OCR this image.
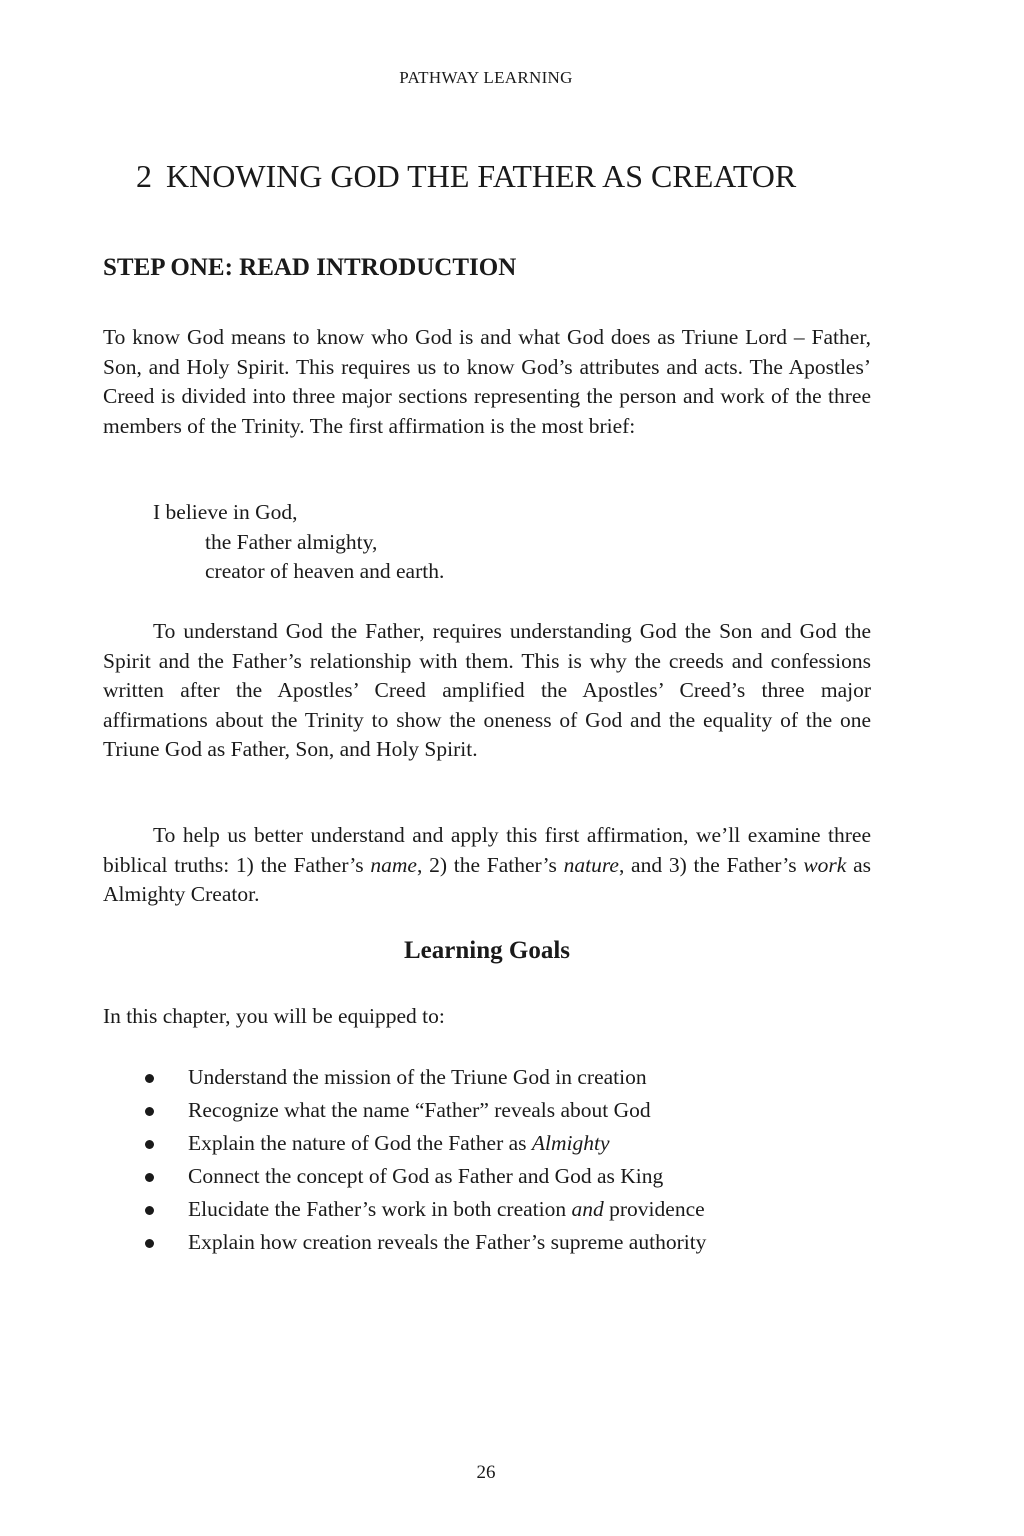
PATHWAY LEARNING
2 KNOWING GOD THE FATHER AS CREATOR
STEP ONE: READ INTRODUCTION

To know God means to know who God is and what God does as Triune Lord – Father, Son, and Holy Spirit. This requires us to know God’s attributes and acts. The Apostles’ Creed is divided into three major sections representing the person and work of the three members of the Trinity. The first affirmation is the most brief:

I believe in God,
the Father almighty,
creator of heaven and earth.

To understand God the Father, requires understanding God the Son and God the Spirit and the Father’s relationship with them. This is why the creeds and confessions written after the Apostles’ Creed amplified the Apostles’ Creed’s three major affirmations about the Trinity to show the oneness of God and the equality of the one Triune God as Father, Son, and Holy Spirit.

To help us better understand and apply this first affirmation, we’ll examine three biblical truths: 1) the Father’s name, 2) the Father’s nature, and 3) the Father’s work as Almighty Creator.

Learning Goals

In this chapter, you will be equipped to:

Understand the mission of the Triune God in creation
Recognize what the name “Father” reveals about God
Explain the nature of God the Father as Almighty
Connect the concept of God as Father and God as King
Elucidate the Father’s work in both creation and providence
Explain how creation reveals the Father’s supreme authority
26
